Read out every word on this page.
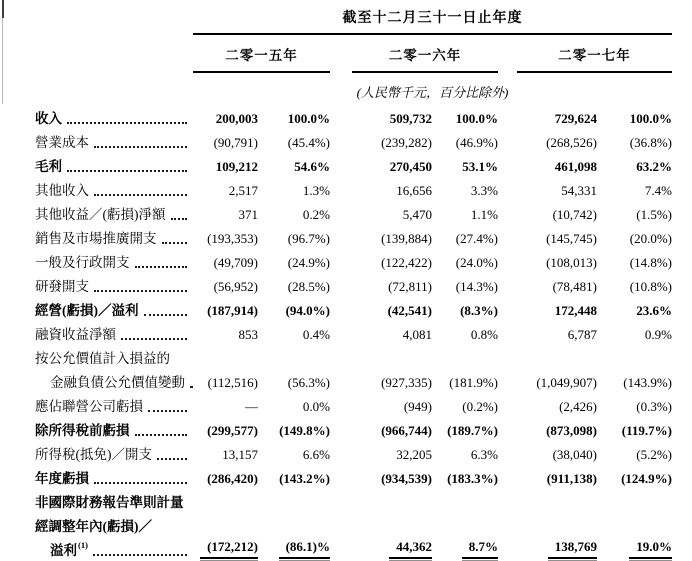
截至十二月三十一日止年度
二零一五年	二零一六年	二零一七年
(人民幣千元，百分比除外)
收入	200,003	100.0%	509,732	100.0%	729,624	100.0%
營業成本	(90,791)	(45.4%)	(239,282)	(46.9%)	(268,526)	(36.8%)
毛利	109,212	54.6%	270,450	53.1%	461,098	63.2%
其他收入	2,517	1.3%	16,656	3.3%	54,331	7.4%
其他收益／(虧損)淨額	371	0.2%	5,470	1.1%	(10,742)	(1.5%)
銷售及市場推廣開支	(193,353)	(96.7%)	(139,884)	(27.4%)	(145,745)	(20.0%)
一般及行政開支	(49,709)	(24.9%)	(122,422)	(24.0%)	(108,013)	(14.8%)
研發開支	(56,952)	(28.5%)	(72,811)	(14.3%)	(78,481)	(10.8%)
經營(虧損)／溢利	(187,914)	(94.0%)	(42,541)	(8.3%)	172,448	23.6%
融資收益淨額	853	0.4%	4,081	0.8%	6,787	0.9%
按公允價值計入損益的
金融負債公允價值變動	(112,516)	(56.3%)	(927,335)	(181.9%)	(1,049,907)	(143.9%)
應佔聯營公司虧損	—	0.0%	(949)	(0.2%)	(2,426)	(0.3%)
除所得稅前虧損	(299,577)	(149.8%)	(966,744)	(189.7%)	(873,098)	(119.7%)
所得稅(抵免)／開支	13,157	6.6%	32,205	6.3%	(38,040)	(5.2%)
年度虧損	(286,420)	(143.2%)	(934,539)	(183.3%)	(911,138)	(124.9%)
非國際財務報告準則計量
經調整年內(虧損)／
溢利 (1)	(172,212)	(86.1)%	44,362	8.7%	138,769	19.0%
